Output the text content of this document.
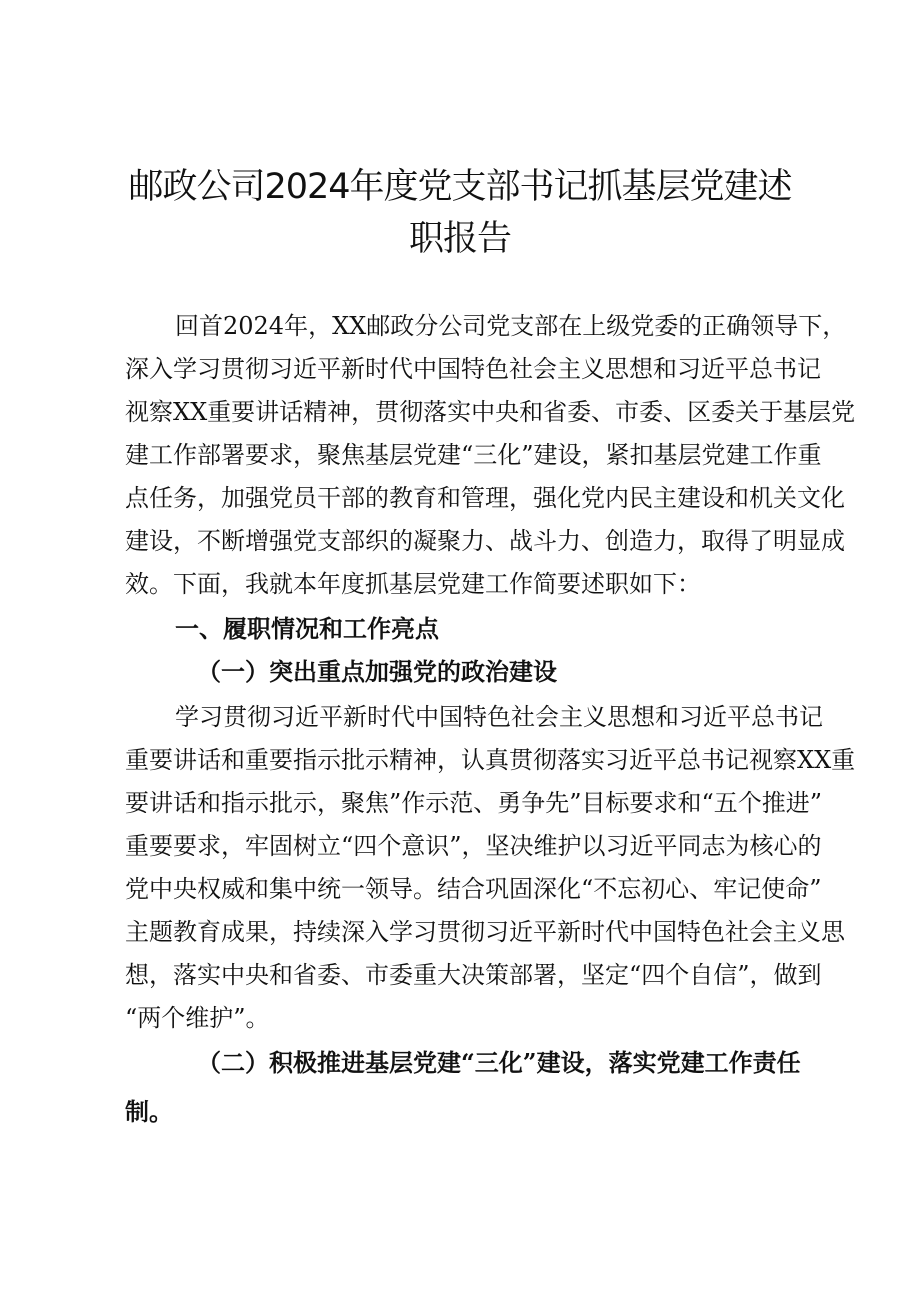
邮政公司2024年度党支部书记抓基层党建述
职报告
回首2024年，XX邮政分公司党支部在上级党委的正确领导下，
深入学习贯彻习近平新时代中国特色社会主义思想和习近平总书记
视察XX重要讲话精神，贯彻落实中央和省委、市委、区委关于基层党
建工作部署要求，聚焦基层党建“三化”建设，紧扣基层党建工作重
点任务，加强党员干部的教育和管理，强化党内民主建设和机关文化
建设，不断增强党支部织的凝聚力、战斗力、创造力，取得了明显成
效。下面，我就本年度抓基层党建工作简要述职如下：
一、履职情况和工作亮点
（一）突出重点加强党的政治建设
学习贯彻习近平新时代中国特色社会主义思想和习近平总书记
重要讲话和重要指示批示精神，认真贯彻落实习近平总书记视察XX重
要讲话和指示批示，聚焦”作示范、勇争先”目标要求和“五个推进”
重要要求，牢固树立“四个意识”，坚决维护以习近平同志为核心的
党中央权威和集中统一领导。结合巩固深化“不忘初心、牢记使命”
主题教育成果，持续深入学习贯彻习近平新时代中国特色社会主义思
想，落实中央和省委、市委重大决策部署，坚定“四个自信”，做到
“两个维护”。
（二）积极推进基层党建“三化”建设，落实党建工作责任
制。
